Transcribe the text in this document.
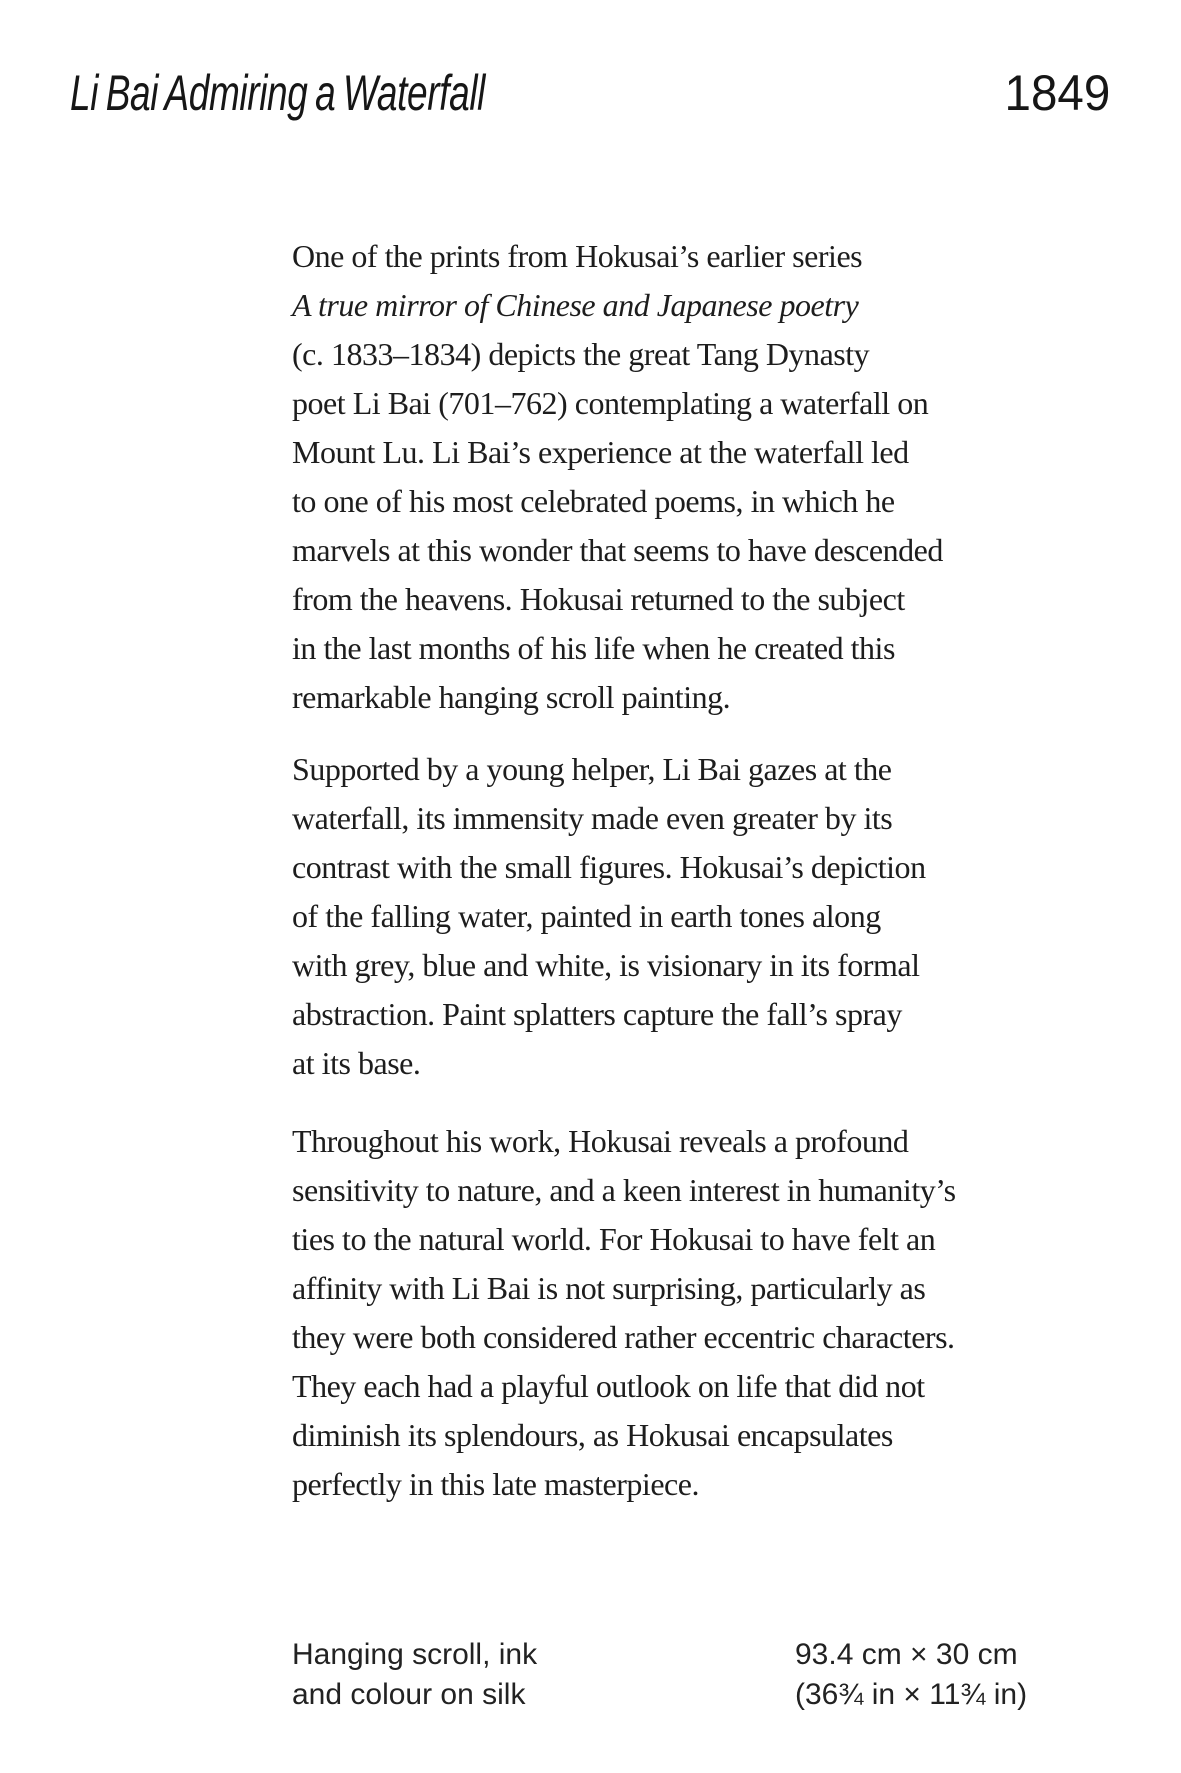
Li Bai Admiring a Waterfall	1849
One of the prints from Hokusai’s earlier series
A true mirror of Chinese and Japanese poetry
(c. 1833–1834) depicts the great Tang Dynasty
poet Li Bai (701–762) contemplating a waterfall on
Mount Lu. Li Bai’s experience at the waterfall led
to one of his most celebrated poems, in which he
marvels at this wonder that seems to have descended
from the heavens. Hokusai returned to the subject
in the last months of his life when he created this
remarkable hanging scroll painting.
Supported by a young helper, Li Bai gazes at the
waterfall, its immensity made even greater by its
contrast with the small figures. Hokusai’s depiction
of the falling water, painted in earth tones along
with grey, blue and white, is visionary in its formal
abstraction. Paint splatters capture the fall’s spray
at its base.
Throughout his work, Hokusai reveals a profound
sensitivity to nature, and a keen interest in humanity’s
ties to the natural world. For Hokusai to have felt an
affinity with Li Bai is not surprising, particularly as
they were both considered rather eccentric characters.
They each had a playful outlook on life that did not
diminish its splendours, as Hokusai encapsulates
perfectly in this late masterpiece.
Hanging scroll, ink
and colour on silk
93.4 cm × 30 cm
(36¾ in × 11¾ in)
